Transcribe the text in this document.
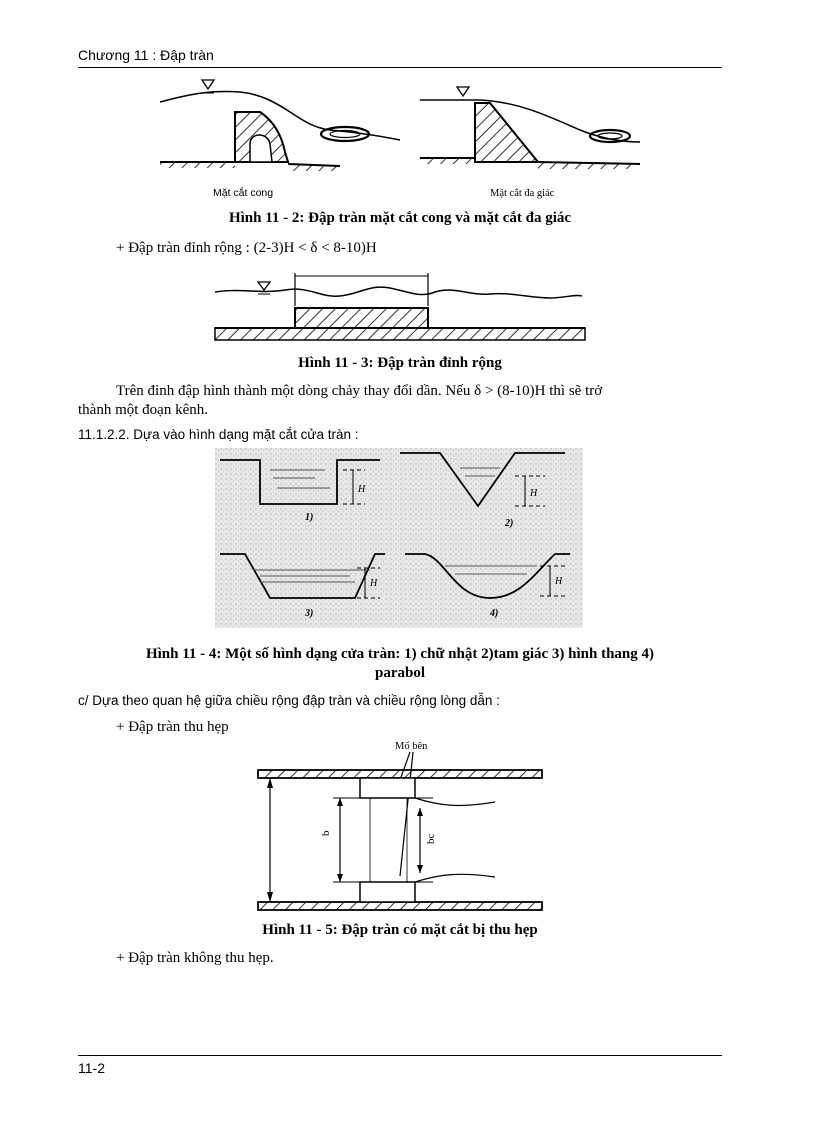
Chương 11 : Đập tràn
Mặt cắt cong	Mặt cắt đa giác
Hình 11 - 2: Đập tràn mặt cắt cong và mặt cắt đa giác
+ Đập tràn đỉnh rộng : (2-3)H < δ < 8-10)H
Hình 11 - 3: Đập tràn đỉnh rộng
Trên đỉnh đập hình thành một dòng chảy thay đổi dần. Nếu δ > (8-10)H thì sẽ trở
thành một đoạn kênh.
11.1.2.2. Dựa vào hình dạng mặt cắt cửa tràn :
H
1)
H
2)
H
3)
H
4)
Hình 11 - 4: Một số hình dạng cửa tràn: 1) chữ nhật 2)tam giác 3) hình thang 4)
parabol
c/ Dựa theo quan hệ giữa chiều rộng đập tràn và chiều rộng lòng dẫn :
+ Đập tràn thu hẹp
Mố bên
b
bc
Hình 11 - 5: Đập tràn có mặt cắt bị thu hẹp
+ Đập tràn không thu hẹp.
11-2
